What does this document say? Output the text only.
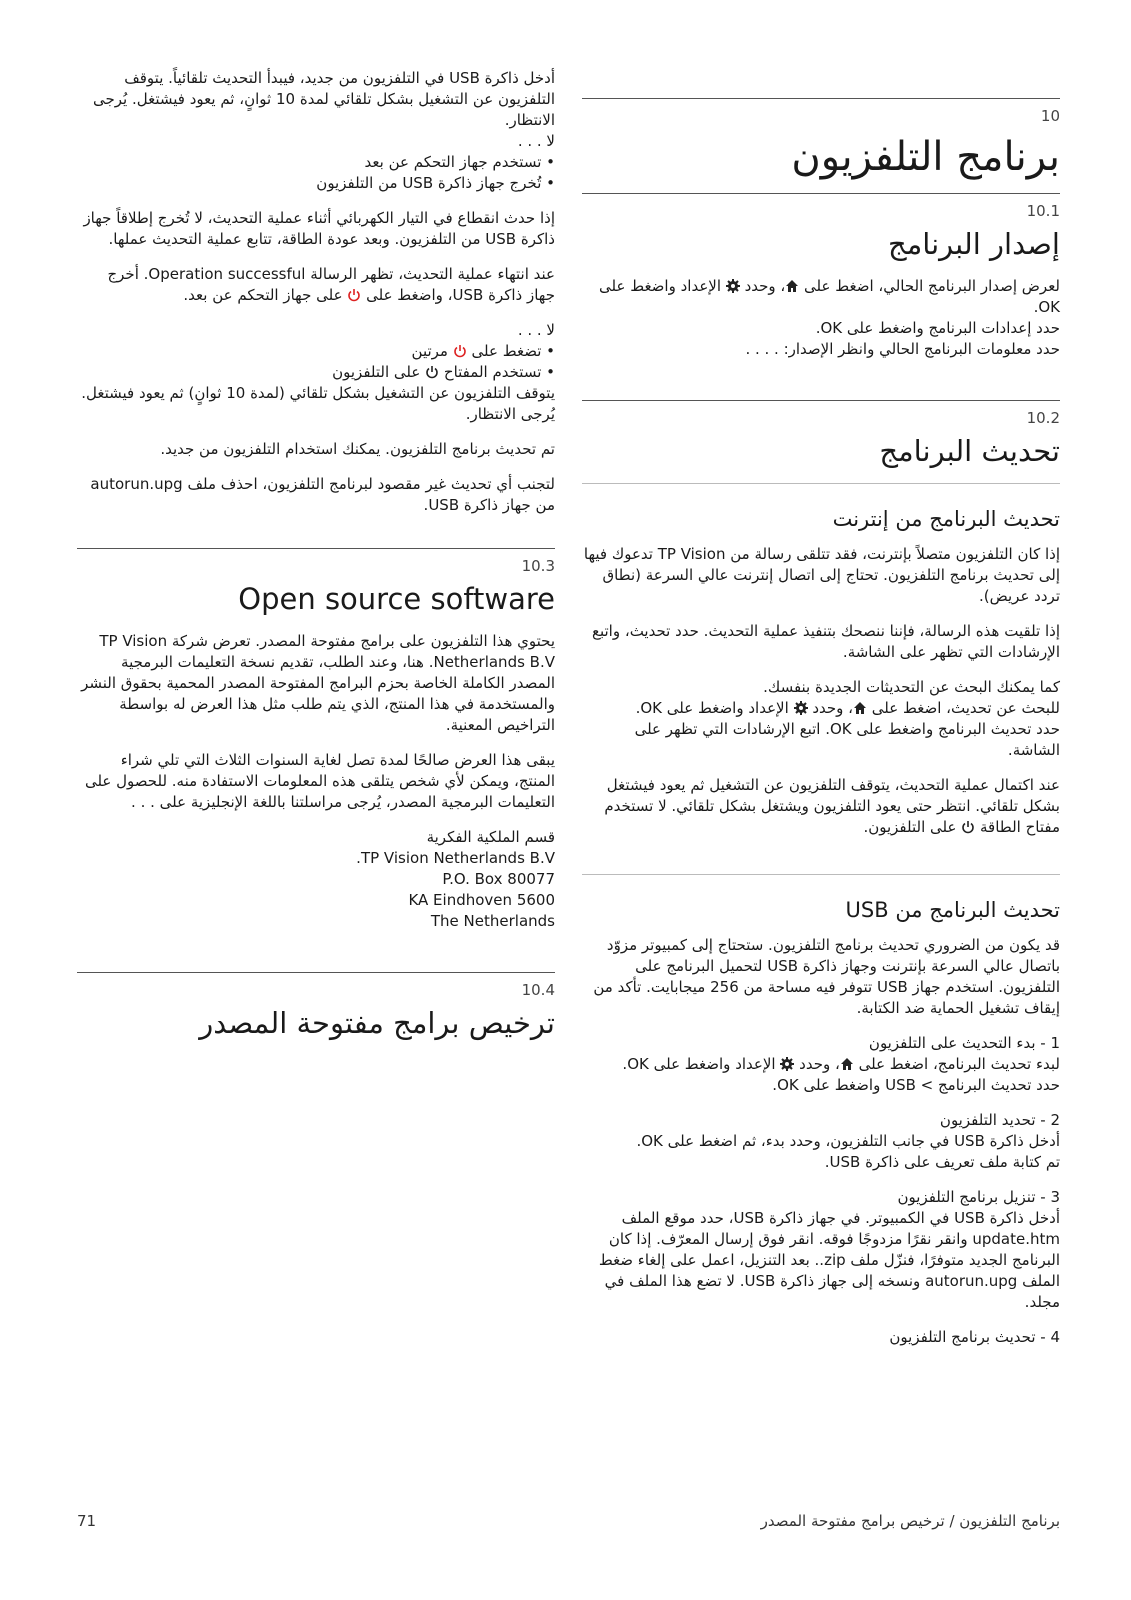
10
برنامج التلفزيون
10.1
إصدار البرنامج

لعرض إصدار البرنامج الحالي، اضغط على ، وحدد  الإعداد واضغط على OK.

حدد إعدادات البرنامج واضغط على OK.

حدد معلومات البرنامج الحالي وانظر الإصدار: . . . .

10.2
تحديث البرنامج
تحديث البرنامج من إنترنت

إذا كان التلفزيون متصلاً بإنترنت، فقد تتلقى رسالة من TP Vision تدعوك فيها إلى تحديث برنامج التلفزيون. تحتاج إلى اتصال إنترنت عالي السرعة (نطاق تردد عريض).

إذا تلقيت هذه الرسالة، فإننا ننصحك بتنفيذ عملية التحديث. حدد تحديث، واتبع الإرشادات التي تظهر على الشاشة.

كما يمكنك البحث عن التحديثات الجديدة بنفسك.

للبحث عن تحديث، اضغط على ، وحدد  الإعداد واضغط على OK.

حدد تحديث البرنامج واضغط على OK. اتبع الإرشادات التي تظهر على الشاشة.

عند اكتمال عملية التحديث، يتوقف التلفزيون عن التشغيل ثم يعود فيشتغل بشكل تلقائي. انتظر حتى يعود التلفزيون ويشتغل بشكل تلقائي. لا تستخدم مفتاح الطاقة  على التلفزيون.

تحديث البرنامج من USB

قد يكون من الضروري تحديث برنامج التلفزيون. ستحتاج إلى كمبيوتر مزوّد باتصال عالي السرعة بإنترنت وجهاز ذاكرة USB لتحميل البرنامج على التلفزيون. استخدم جهاز USB تتوفر فيه مساحة من 256 ميجابايت. تأكد من إيقاف تشغيل الحماية ضد الكتابة.

1 - بدء التحديث على التلفزيون

لبدء تحديث البرنامج، اضغط على ، وحدد  الإعداد واضغط على OK.

حدد تحديث البرنامج > USB واضغط على OK.

2 - تحديد التلفزيون

أدخل ذاكرة USB في جانب التلفزيون، وحدد بدء، ثم اضغط على OK.

تم كتابة ملف تعريف على ذاكرة USB.

3 - تنزيل برنامج التلفزيون

أدخل ذاكرة USB في الكمبيوتر. في جهاز ذاكرة USB، حدد موقع الملف update.htm وانقر نقرًا مزدوجًا فوقه. انقر فوق إرسال المعرّف. إذا كان البرنامج الجديد متوفرًا، فنزّل ملف zip.. بعد التنزيل، اعمل على إلغاء ضغط الملف autorun.upg ونسخه إلى جهاز ذاكرة USB. لا تضع هذا الملف في مجلد.

4 - تحديث برنامج التلفزيون

أدخل ذاكرة USB في التلفزيون من جديد، فيبدأ التحديث تلقائياً. يتوقف التلفزيون عن التشغيل بشكل تلقائي لمدة 10 ثوانٍ، ثم يعود فيشتغل. يُرجى الانتظار.

لا . . .

• تستخدم جهاز التحكم عن بعد

• تُخرج جهاز ذاكرة USB من التلفزيون

إذا حدث انقطاع في التيار الكهربائي أثناء عملية التحديث، لا تُخرج إطلاقاً جهاز ذاكرة USB من التلفزيون. وبعد عودة الطاقة، تتابع عملية التحديث عملها.

عند انتهاء عملية التحديث، تظهر الرسالة Operation successful. أخرج جهاز ذاكرة USB، واضغط على  على جهاز التحكم عن بعد.

لا . . .

• تضغط على  مرتين

• تستخدم المفتاح  على التلفزيون

يتوقف التلفزيون عن التشغيل بشكل تلقائي (لمدة 10 ثوانٍ) ثم يعود فيشتغل. يُرجى الانتظار.

تم تحديث برنامج التلفزيون. يمكنك استخدام التلفزيون من جديد.

لتجنب أي تحديث غير مقصود لبرنامج التلفزيون، احذف ملف autorun.upg من جهاز ذاكرة USB.

10.3
Open source software

يحتوي هذا التلفزيون على برامج مفتوحة المصدر. تعرض شركة TP Vision Netherlands B.V. هنا، وعند الطلب، تقديم نسخة التعليمات البرمجية المصدر الكاملة الخاصة بحزم البرامج المفتوحة المصدر المحمية بحقوق النشر والمستخدمة في هذا المنتج، الذي يتم طلب مثل هذا العرض له بواسطة التراخيص المعنية.

يبقى هذا العرض صالحًا لمدة تصل لغاية السنوات الثلاث التي تلي شراء المنتج، ويمكن لأي شخص يتلقى هذه المعلومات الاستفادة منه. للحصول على التعليمات البرمجية المصدر، يُرجى مراسلتنا باللغة الإنجليزية على . . .

قسم الملكية الفكرية

TP Vision Netherlands B.V.

P.O. Box 80077

5600 KA Eindhoven

The Netherlands

10.4
ترخيص برامج مفتوحة المصدر
71	برنامج التلفزيون / ترخيص برامج مفتوحة المصدر
